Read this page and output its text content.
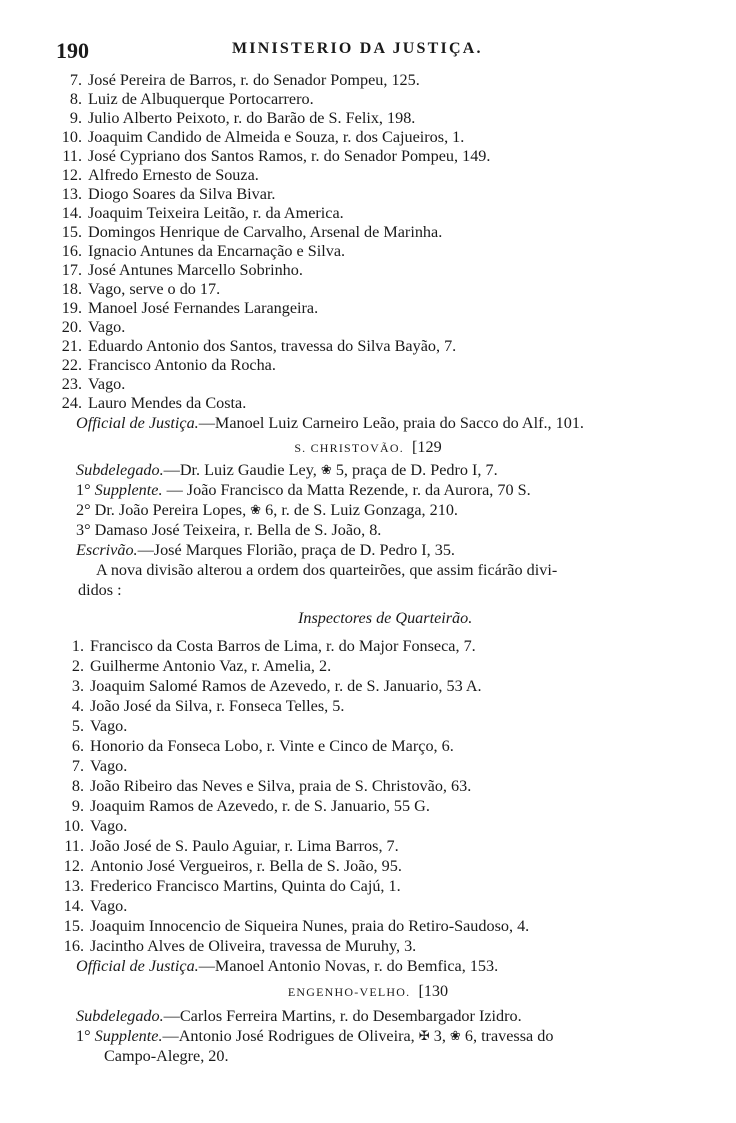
190	MINISTERIO DA JUSTIÇA.
7. José Pereira de Barros, r. do Senador Pompeu, 125.
8. Luiz de Albuquerque Portocarrero.
9. Julio Alberto Peixoto, r. do Barão de S. Felix, 198.
10. Joaquim Candido de Almeida e Souza, r. dos Cajueiros, 1.
11. José Cypriano dos Santos Ramos, r. do Senador Pompeu, 149.
12. Alfredo Ernesto de Souza.
13. Diogo Soares da Silva Bivar.
14. Joaquim Teixeira Leitão, r. da America.
15. Domingos Henrique de Carvalho, Arsenal de Marinha.
16. Ignacio Antunes da Encarnação e Silva.
17. José Antunes Marcello Sobrinho.
18. Vago, serve o do 17.
19. Manoel José Fernandes Larangeira.
20. Vago.
21. Eduardo Antonio dos Santos, travessa do Silva Bayão, 7.
22. Francisco Antonio da Rocha.
23. Vago.
24. Lauro Mendes da Costa.
Official de Justiça.—Manoel Luiz Carneiro Leão, praia do Sacco do Alf., 101.
S. CHRISTOVÃO. [129
Subdelegado.—Dr. Luiz Gaudie Ley, ❀ 5, praça de D. Pedro I, 7.
1° Supplente. — João Francisco da Matta Rezende, r. da Aurora, 70 S.
2° Dr. João Pereira Lopes, ❀ 6, r. de S. Luiz Gonzaga, 210.
3° Damaso José Teixeira, r. Bella de S. João, 8.
Escrivão.—José Marques Florião, praça de D. Pedro I, 35.
A nova divisão alterou a ordem dos quarteirões, que assim ficárão divi-
didos :
Inspectores de Quarteirão.
1. Francisco da Costa Barros de Lima, r. do Major Fonseca, 7.
2. Guilherme Antonio Vaz, r. Amelia, 2.
3. Joaquim Salomé Ramos de Azevedo, r. de S. Januario, 53 A.
4. João José da Silva, r. Fonseca Telles, 5.
5. Vago.
6. Honorio da Fonseca Lobo, r. Vinte e Cinco de Março, 6.
7. Vago.
8. João Ribeiro das Neves e Silva, praia de S. Christovão, 63.
9. Joaquim Ramos de Azevedo, r. de S. Januario, 55 G.
10. Vago.
11. João José de S. Paulo Aguiar, r. Lima Barros, 7.
12. Antonio José Vergueiros, r. Bella de S. João, 95.
13. Frederico Francisco Martins, Quinta do Cajú, 1.
14. Vago.
15. Joaquim Innocencio de Siqueira Nunes, praia do Retiro-Saudoso, 4.
16. Jacintho Alves de Oliveira, travessa de Muruhy, 3.
Official de Justiça.—Manoel Antonio Novas, r. do Bemfica, 153.
ENGENHO-VELHO. [130
Subdelegado.—Carlos Ferreira Martins, r. do Desembargador Izidro.
1° Supplente.—Antonio José Rodrigues de Oliveira, ✠ 3, ❀ 6, travessa do
Campo-Alegre, 20.
